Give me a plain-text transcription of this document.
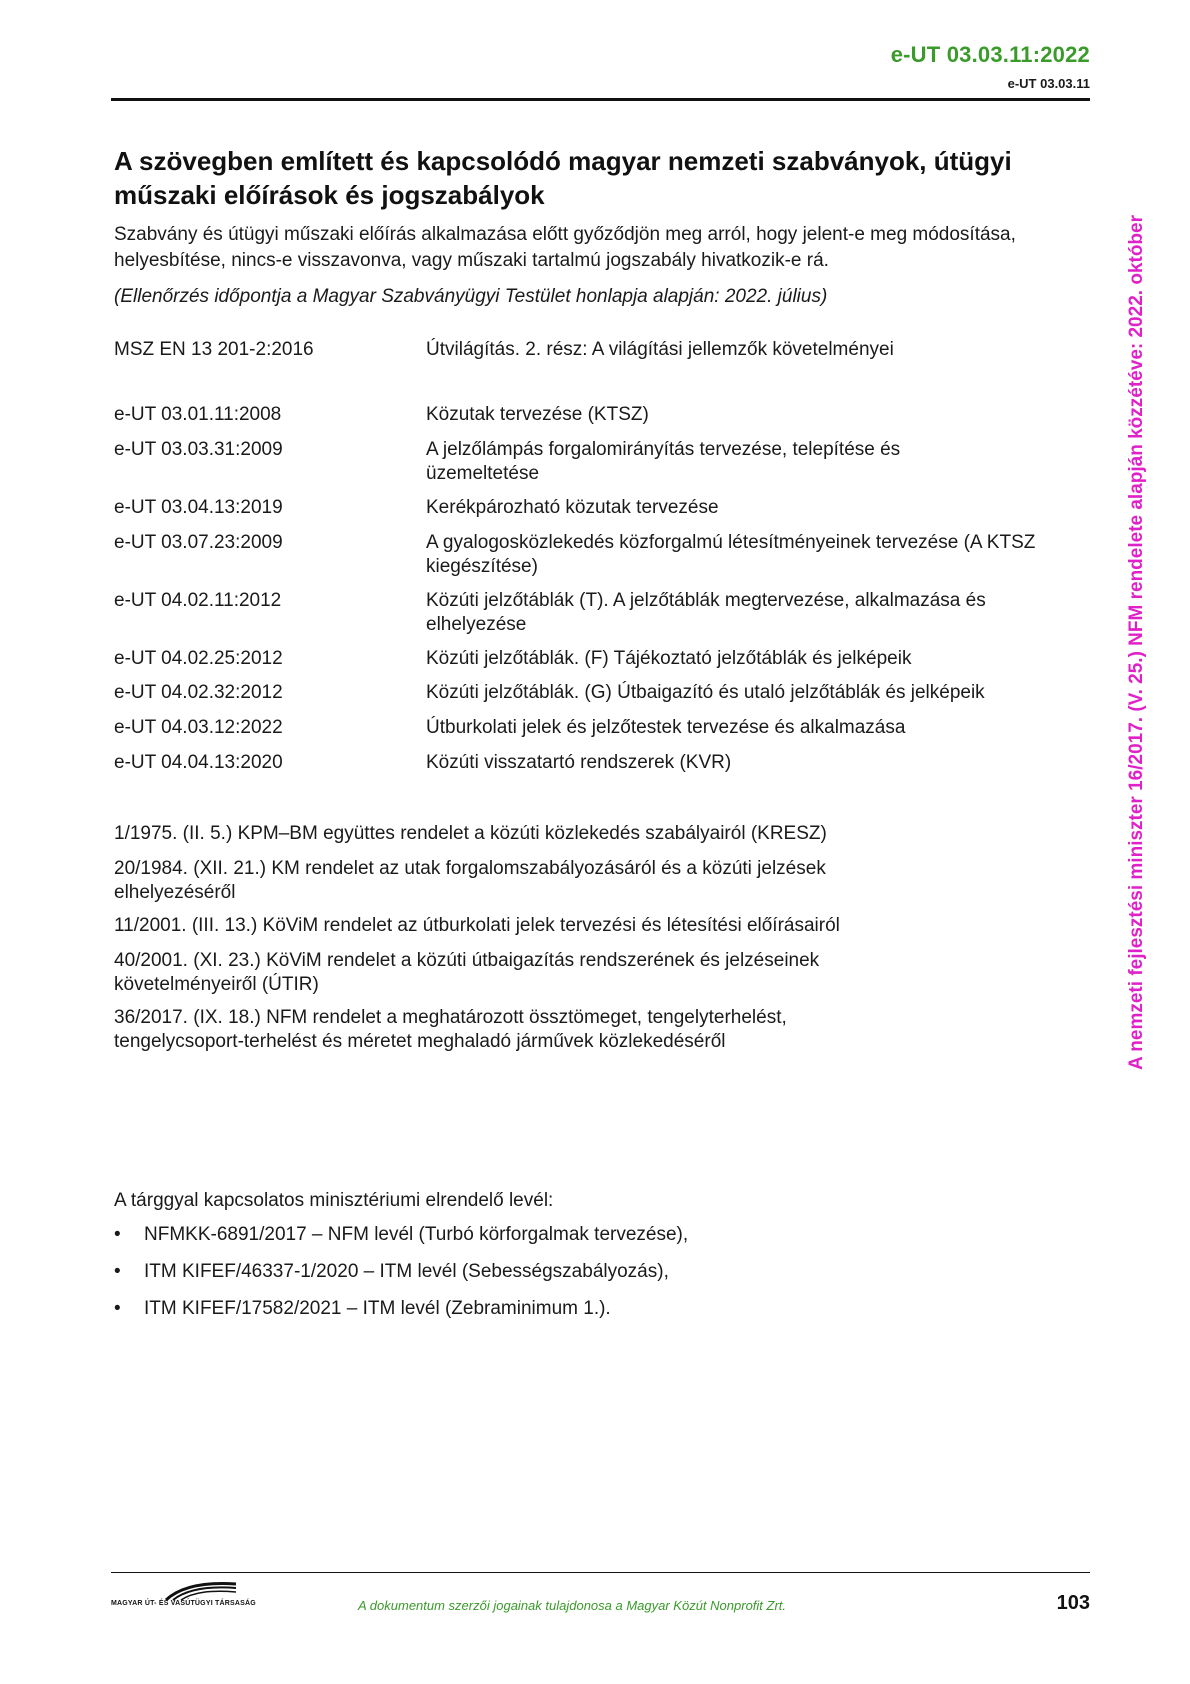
e-UT 03.03.11:2022
e-UT 03.03.11
A nemzeti fejlesztési miniszter 16/2017. (V. 25.) NFM rendelete alapján közzétéve: 2022. október
A szövegben említett és kapcsolódó magyar nemzeti szabványok, útügyi műszaki előírások és jogszabályok
Szabvány és útügyi műszaki előírás alkalmazása előtt győződjön meg arról, hogy jelent-e meg módosítása, helyesbítése, nincs-e visszavonva, vagy műszaki tartalmú jogszabály hivatkozik-e rá.
(Ellenőrzés időpontja a Magyar Szabványügyi Testület honlapja alapján: 2022. július)
MSZ EN 13 201-2:2016	Útvilágítás. 2. rész: A világítási jellemzők követelményei
e-UT 03.01.11:2008	Közutak tervezése (KTSZ)
e-UT 03.03.31:2009	A jelzőlámpás forgalomirányítás tervezése, telepítése és üzemeltetése
e-UT 03.04.13:2019	Kerékpározható közutak tervezése
e-UT 03.07.23:2009	A gyalogosközlekedés közforgalmú létesítményeinek tervezése (A KTSZ kiegészítése)
e-UT 04.02.11:2012	Közúti jelzőtáblák (T). A jelzőtáblák megtervezése, alkalmazása és elhelyezése
e-UT 04.02.25:2012	Közúti jelzőtáblák. (F) Tájékoztató jelzőtáblák és jelképeik
e-UT 04.02.32:2012	Közúti jelzőtáblák. (G) Útbaigazító és utaló jelzőtáblák és jelképeik
e-UT 04.03.12:2022	Útburkolati jelek és jelzőtestek tervezése és alkalmazása
e-UT 04.04.13:2020	Közúti visszatartó rendszerek (KVR)
1/1975. (II. 5.) KPM–BM együttes rendelet a közúti közlekedés szabályairól (KRESZ)
20/1984. (XII. 21.) KM rendelet az utak forgalomszabályozásáról és a közúti jelzések elhelyezéséről
11/2001. (III. 13.) KöViM rendelet az útburkolati jelek tervezési és létesítési előírásairól
40/2001. (XI. 23.) KöViM rendelet a közúti útbaigazítás rendszerének és jelzéseinek követelményeiről (ÚTIR)
36/2017. (IX. 18.) NFM rendelet a meghatározott össztömeget, tengelyterhelést, tengelycsoport-terhelést és méretet meghaladó járművek közlekedéséről
A tárggyal kapcsolatos minisztériumi elrendelő levél:
• NFMKK-6891/2017 – NFM levél (Turbó körforgalmak tervezése),
• ITM KIFEF/46337-1/2020 – ITM levél (Sebességszabályozás),
• ITM KIFEF/17582/2021 – ITM levél (Zebraminimum 1.).
MAGYAR ÚT- ÉS VASÚTÜGYI TÁRSASÁG	A dokumentum szerzői jogainak tulajdonosa a Magyar Közút Nonprofit Zrt.	103
